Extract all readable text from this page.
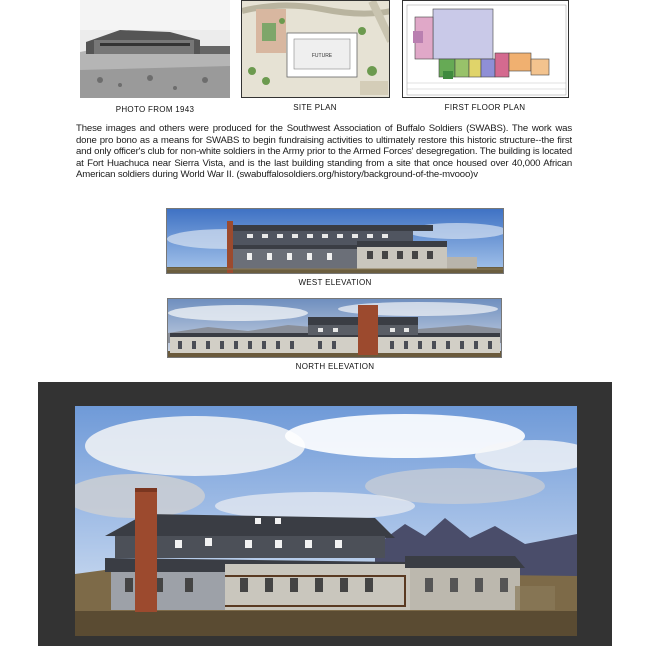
PHOTO FROM 1943
FUTURE
SITE PLAN	FIRST FLOOR PLAN

These images and others were produced for the Southwest Association of Buffalo Soldiers (SWABS). The work was done pro bono as a means for SWABS to begin fundraising activities to ultimately restore this historic structure--the first and only officer's club for non-white soldiers in the Army prior to the Armed Forces' desegregation. The building is located at Fort Huachuca near Sierra Vista, and is the last building standing from a site that once housed over 40,000 African American soldiers during World War II. (swabuffalosoldiers.org/history/background-of-the-mvooo)v

WEST ELEVATION
NORTH ELEVATION
